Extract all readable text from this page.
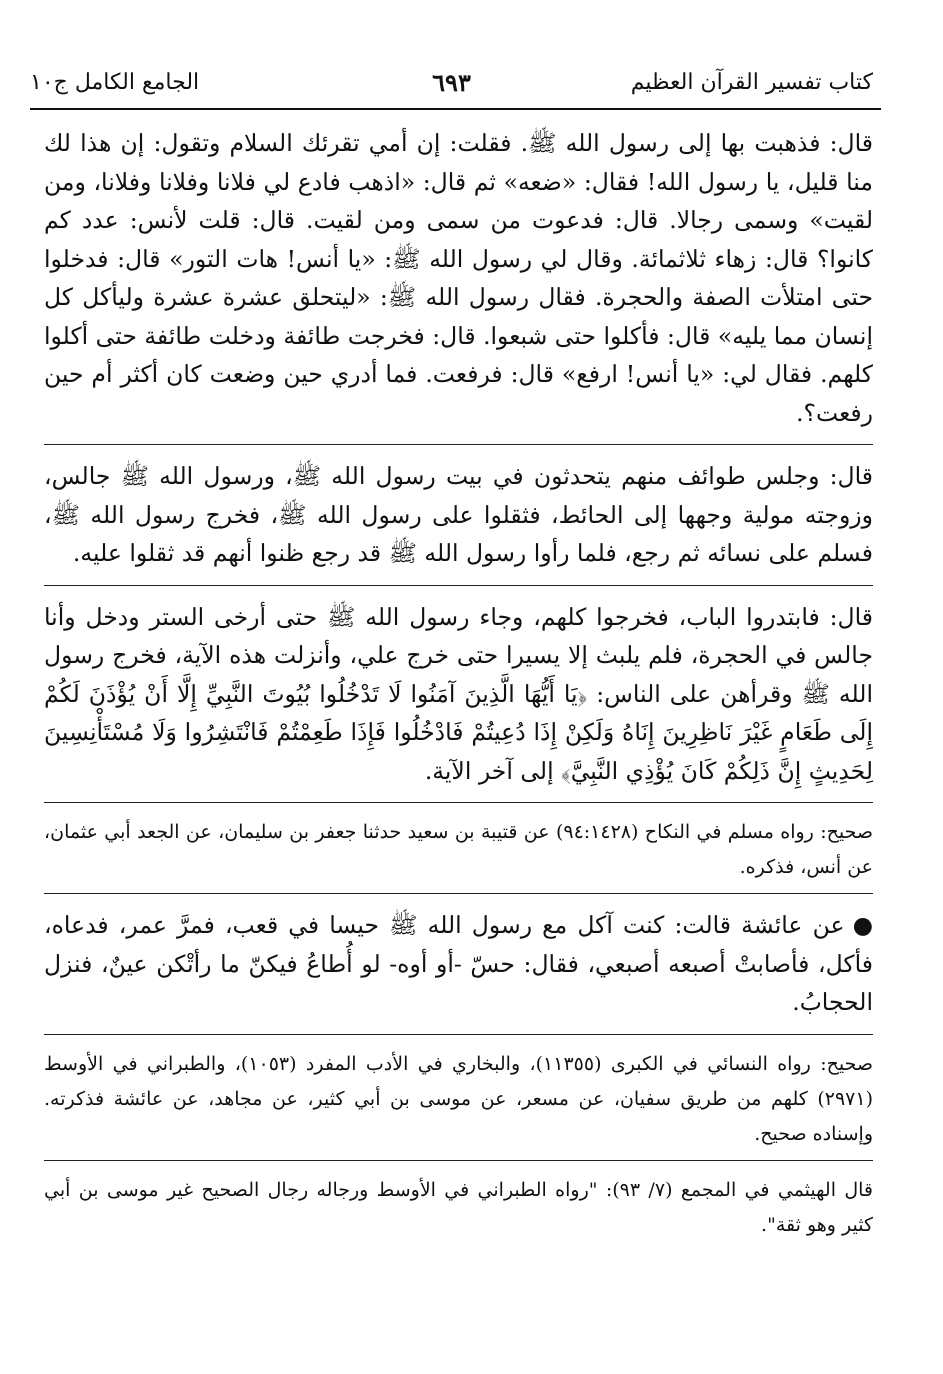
كتاب تفسير القرآن العظيم
٦٩٣
الجامع الكامل ج١٠

قال: فذهبت بها إلى رسول الله ﷺ. فقلت: إن أمي تقرئك السلام وتقول: إن هذا لك منا قليل، يا رسول الله! فقال: «ضعه» ثم قال: «اذهب فادع لي فلانا وفلانا وفلانا، ومن لقيت» وسمى رجالا. قال: فدعوت من سمى ومن لقيت. قال: قلت لأنس: عدد كم كانوا؟ قال: زهاء ثلاثمائة. وقال لي رسول الله ﷺ: «يا أنس! هات التور» قال: فدخلوا حتى امتلأت الصفة والحجرة. فقال رسول الله ﷺ: «ليتحلق عشرة عشرة وليأكل كل إنسان مما يليه» قال: فأكلوا حتى شبعوا. قال: فخرجت طائفة ودخلت طائفة حتى أكلوا كلهم. فقال لي: «يا أنس! ارفع» قال: فرفعت. فما أدري حين وضعت كان أكثر أم حين رفعت؟.

قال: وجلس طوائف منهم يتحدثون في بيت رسول الله ﷺ، ورسول الله ﷺ جالس، وزوجته مولية وجهها إلى الحائط، فثقلوا على رسول الله ﷺ، فخرج رسول الله ﷺ، فسلم على نسائه ثم رجع، فلما رأوا رسول الله ﷺ قد رجع ظنوا أنهم قد ثقلوا عليه.

قال: فابتدروا الباب، فخرجوا كلهم، وجاء رسول الله ﷺ حتى أرخى الستر ودخل وأنا جالس في الحجرة، فلم يلبث إلا يسيرا حتى خرج علي، وأنزلت هذه الآية، فخرج رسول الله ﷺ وقرأهن على الناس: ﴿يَا أَيُّهَا الَّذِينَ آمَنُوا لَا تَدْخُلُوا بُيُوتَ النَّبِيِّ إِلَّا أَنْ يُؤْذَنَ لَكُمْ إِلَى طَعَامٍ غَيْرَ نَاظِرِينَ إِنَاهُ وَلَكِنْ إِذَا دُعِيتُمْ فَادْخُلُوا فَإِذَا طَعِمْتُمْ فَانْتَشِرُوا وَلَا مُسْتَأْنِسِينَ لِحَدِيثٍ إِنَّ ذَلِكُمْ كَانَ يُؤْذِي النَّبِيَّ﴾ إلى آخر الآية.

صحيح: رواه مسلم في النكاح (٩٤:١٤٢٨) عن قتيبة بن سعيد حدثنا جعفر بن سليمان، عن الجعد أبي عثمان، عن أنس، فذكره.

●عن عائشة قالت: كنت آكل مع رسول الله ﷺ حيسا في قعب، فمرَّ عمر، فدعاه، فأكل، فأصابتْ أصبعه أصبعي، فقال: حسّ -أو أوه- لو أُطاعُ فيكنّ ما رأتْكن عينٌ، فنزل الحجابُ.

صحيح: رواه النسائي في الكبرى (١١٣٥٥)، والبخاري في الأدب المفرد (١٠٥٣)، والطبراني في الأوسط (٢٩٧١) كلهم من طريق سفيان، عن مسعر، عن موسى بن أبي كثير، عن مجاهد، عن عائشة فذكرته. وإسناده صحيح.

قال الهيثمي في المجمع (٧/ ٩٣): "رواه الطبراني في الأوسط ورجاله رجال الصحيح غير موسى بن أبي كثير وهو ثقة".
